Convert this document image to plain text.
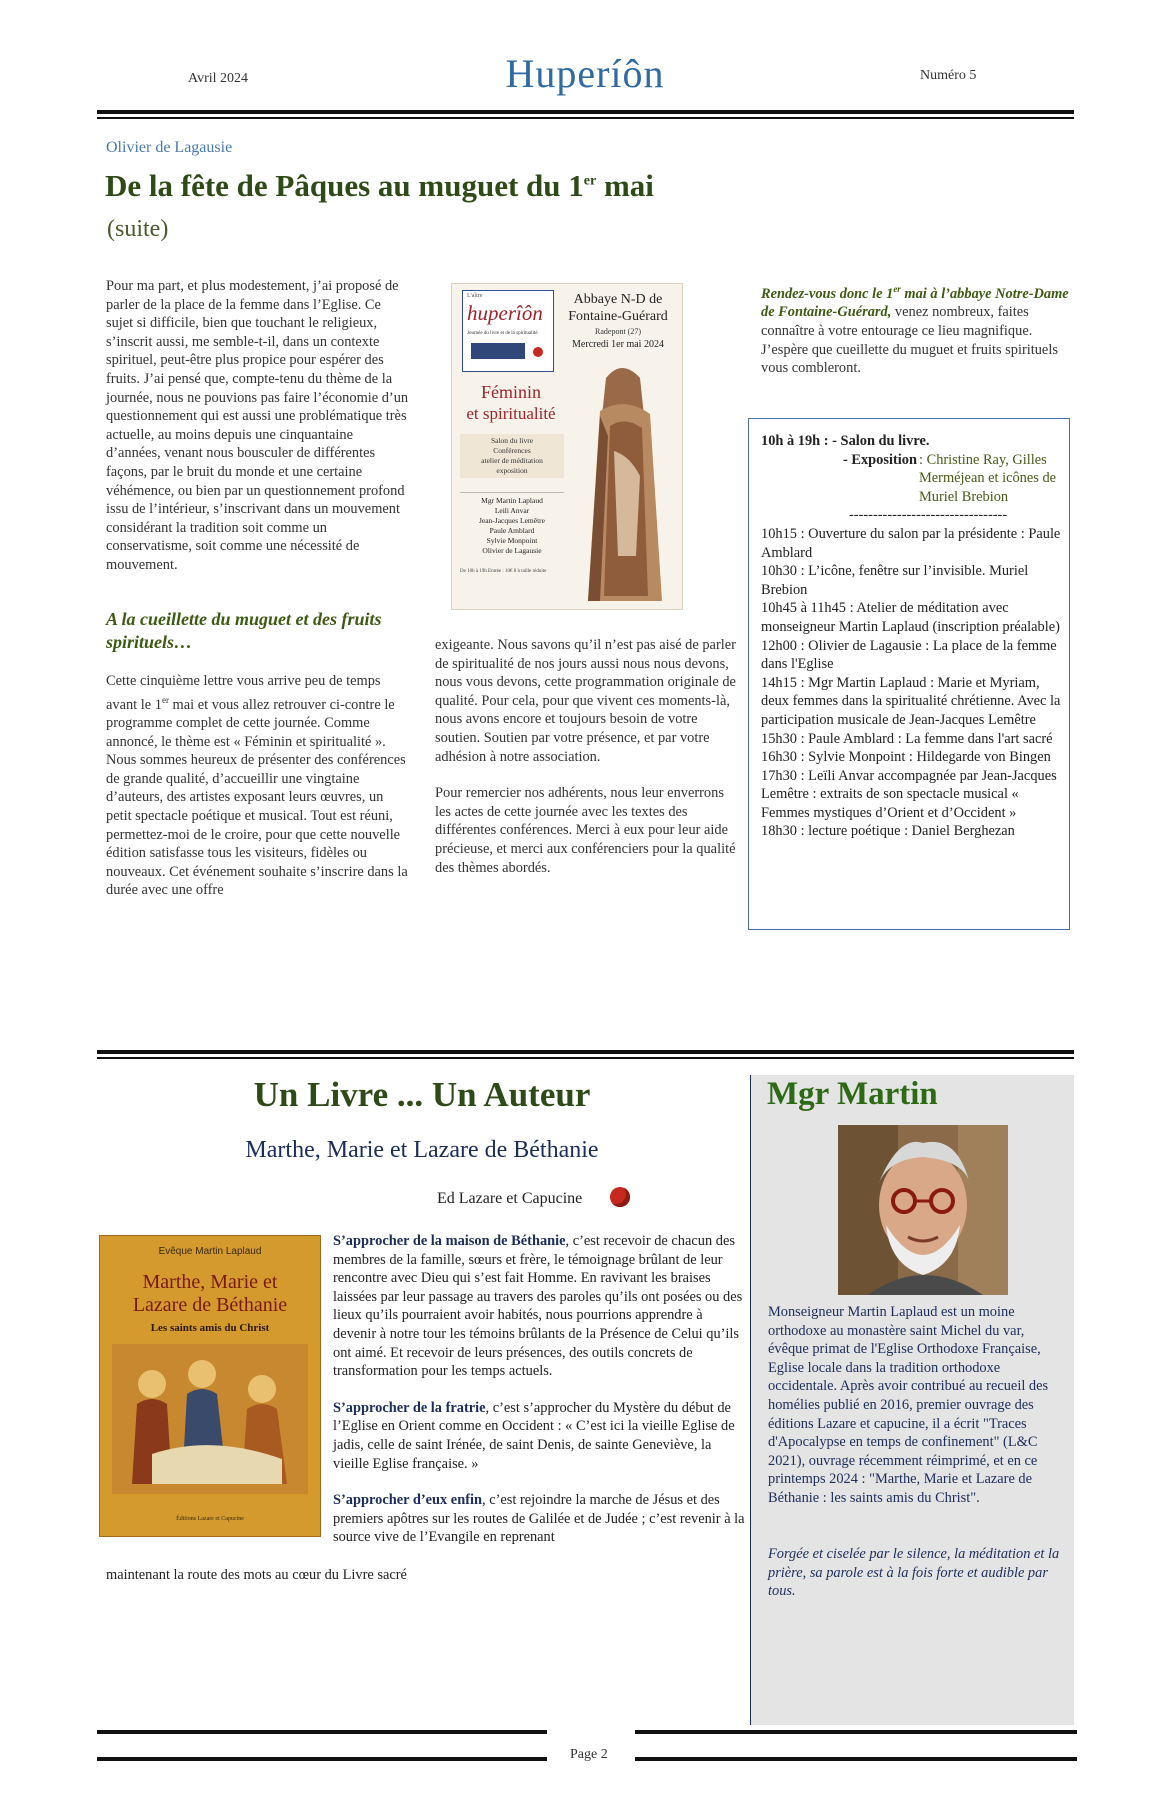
Avril 2024	Huperíôn	Numéro 5
Olivier de Lagausie
De la fête de Pâques au muguet du 1er mai
(suite)

Pour ma part, et plus modestement, j’ai proposé de parler de la place de la femme dans l’Eglise. Ce sujet si difficile, bien que touchant le religieux, s’inscrit aussi, me semble-t-il, dans un contexte spirituel, peut-être plus propice pour espérer des fruits. J’ai pensé que, compte-tenu du thème de la journée, nous ne pouvions pas faire l’économie d’un questionnement qui est aussi une problématique très actuelle, au moins depuis une cinquantaine d’années, venant nous bousculer de différentes façons, par le bruit du monde et une certaine véhémence, ou bien par un questionnement profond issu de l’intérieur, s’inscrivant dans un mouvement considérant la tradition soit comme un conservatisme, soit comme une nécessité de mouvement.

A la cueillette du muguet et des fruits spirituels…

Cette cinquième lettre vous arrive peu de temps avant le 1er mai et vous allez retrouver ci-contre le programme complet de cette journée. Comme annoncé, le thème est « Féminin et spiritualité ». Nous sommes heureux de présenter des conférences de grande qualité, d’accueillir une vingtaine d’auteurs, des artistes exposant leurs œuvres, un petit spectacle poétique et musical. Tout est réuni, permettez-moi de le croire, pour que cette nouvelle édition satisfasse tous les visiteurs, fidèles ou nouveaux. Cet événement souhaite s’inscrire dans la durée avec une offre

L'aître
huperîôn
Journée du livre et de la spiritualité
Abbaye N-D de
Fontaine-Guérard
Radepont (27)
Mercredi 1er mai 2024
Féminin
et spiritualité
Salon du livre
Conférences
atelier de méditation
exposition
Mgr Martin Laplaud
Leili Anvar
Jean-Jacques Lemêtre
Paule Amblard
Sylvie Monpoint
Olivier de Lagausie
De 10h à 19h Entrée : 10€ 8 h taille réduite

exigeante. Nous savons qu’il n’est pas aisé de parler de spiritualité de nos jours aussi nous nous devons, nous vous devons, cette programmation originale de qualité. Pour cela, pour que vivent ces moments-là, nous avons encore et toujours besoin de votre soutien. Soutien par votre présence, et par votre adhésion à notre association.

Pour remercier nos adhérents, nous leur enverrons les actes de cette journée avec les textes des différentes conférences. Merci à eux pour leur aide précieuse, et merci aux conférenciers pour la qualité des thèmes abordés.

Rendez-vous donc le 1er mai à l’abbaye Notre-Dame de Fontaine-Guérard, venez nombreux, faites connaître à votre entourage ce lieu magnifique. J’espère que cueillette du muguet et fruits spirituels vous combleront.

10h à 19h : - Salon du livre.
- Exposition : Christine Ray, Gilles Merméjean et icônes de Muriel Brebion
---------------------------------
10h15 : Ouverture du salon par la présidente : Paule Amblard
10h30 : L’icône, fenêtre sur l’invisible. Muriel Brebion
10h45 à 11h45 : Atelier de méditation avec monseigneur Martin Laplaud (inscription préalable)
12h00 : Olivier de Lagausie : La place de la femme dans l'Eglise
14h15 : Mgr Martin Laplaud : Marie et Myriam, deux femmes dans la spiritualité chrétienne. Avec la participation musicale de Jean-Jacques Lemêtre
15h30 : Paule Amblard : La femme dans l'art sacré
16h30 : Sylvie Monpoint : Hildegarde von Bingen
17h30 : Leïli Anvar accompagnée par Jean-Jacques Lemêtre : extraits de son spectacle musical « Femmes mystiques d’Orient et d’Occident »
18h30 : lecture poétique : Daniel Berghezan
Un Livre ... Un Auteur
Marthe, Marie et Lazare de Béthanie
Ed Lazare et Capucine
Evêque Martin Laplaud
Marthe, Marie et
Lazare de Béthanie
Les saints amis du Christ
Éditions Lazare et Capucine

S’approcher de la maison de Béthanie, c’est recevoir de chacun des membres de la famille, sœurs et frère, le témoignage brûlant de leur rencontre avec Dieu qui s’est fait Homme. En ravivant les braises laissées par leur passage au travers des paroles qu’ils ont posées ou des lieux qu’ils pourraient avoir habités, nous pourrions apprendre à devenir à notre tour les témoins brûlants de la Présence de Celui qu’ils ont aimé. Et recevoir de leurs présences, des outils concrets de transformation pour les temps actuels.

S’approcher de la fratrie, c’est s’approcher du Mystère du début de l’Eglise en Orient comme en Occident : « C’est ici la vieille Eglise de jadis, celle de saint Irénée, de saint Denis, de sainte Geneviève, la vieille Eglise française. »

S’approcher d’eux enfin, c’est rejoindre la marche de Jésus et des premiers apôtres sur les routes de Galilée et de Judée ; c’est revenir à la source vive de l’Evangile en reprenant

maintenant la route des mots au cœur du Livre sacré
Mgr Martin
Monseigneur Martin Laplaud est un moine orthodoxe au monastère saint Michel du var, évêque primat de l'Eglise Orthodoxe Française, Eglise locale dans la tradition orthodoxe occidentale. Après avoir contribué au recueil des homélies publié en 2016, premier ouvrage des éditions Lazare et capucine, il a écrit "Traces d'Apocalypse en temps de confinement" (L&C 2021), ouvrage récemment réimprimé, et en ce printemps 2024 : "Marthe, Marie et Lazare de Béthanie : les saints amis du Christ".
Forgée et ciselée par le silence, la méditation et la prière, sa parole est à la fois forte et audible par tous.
Page 2
